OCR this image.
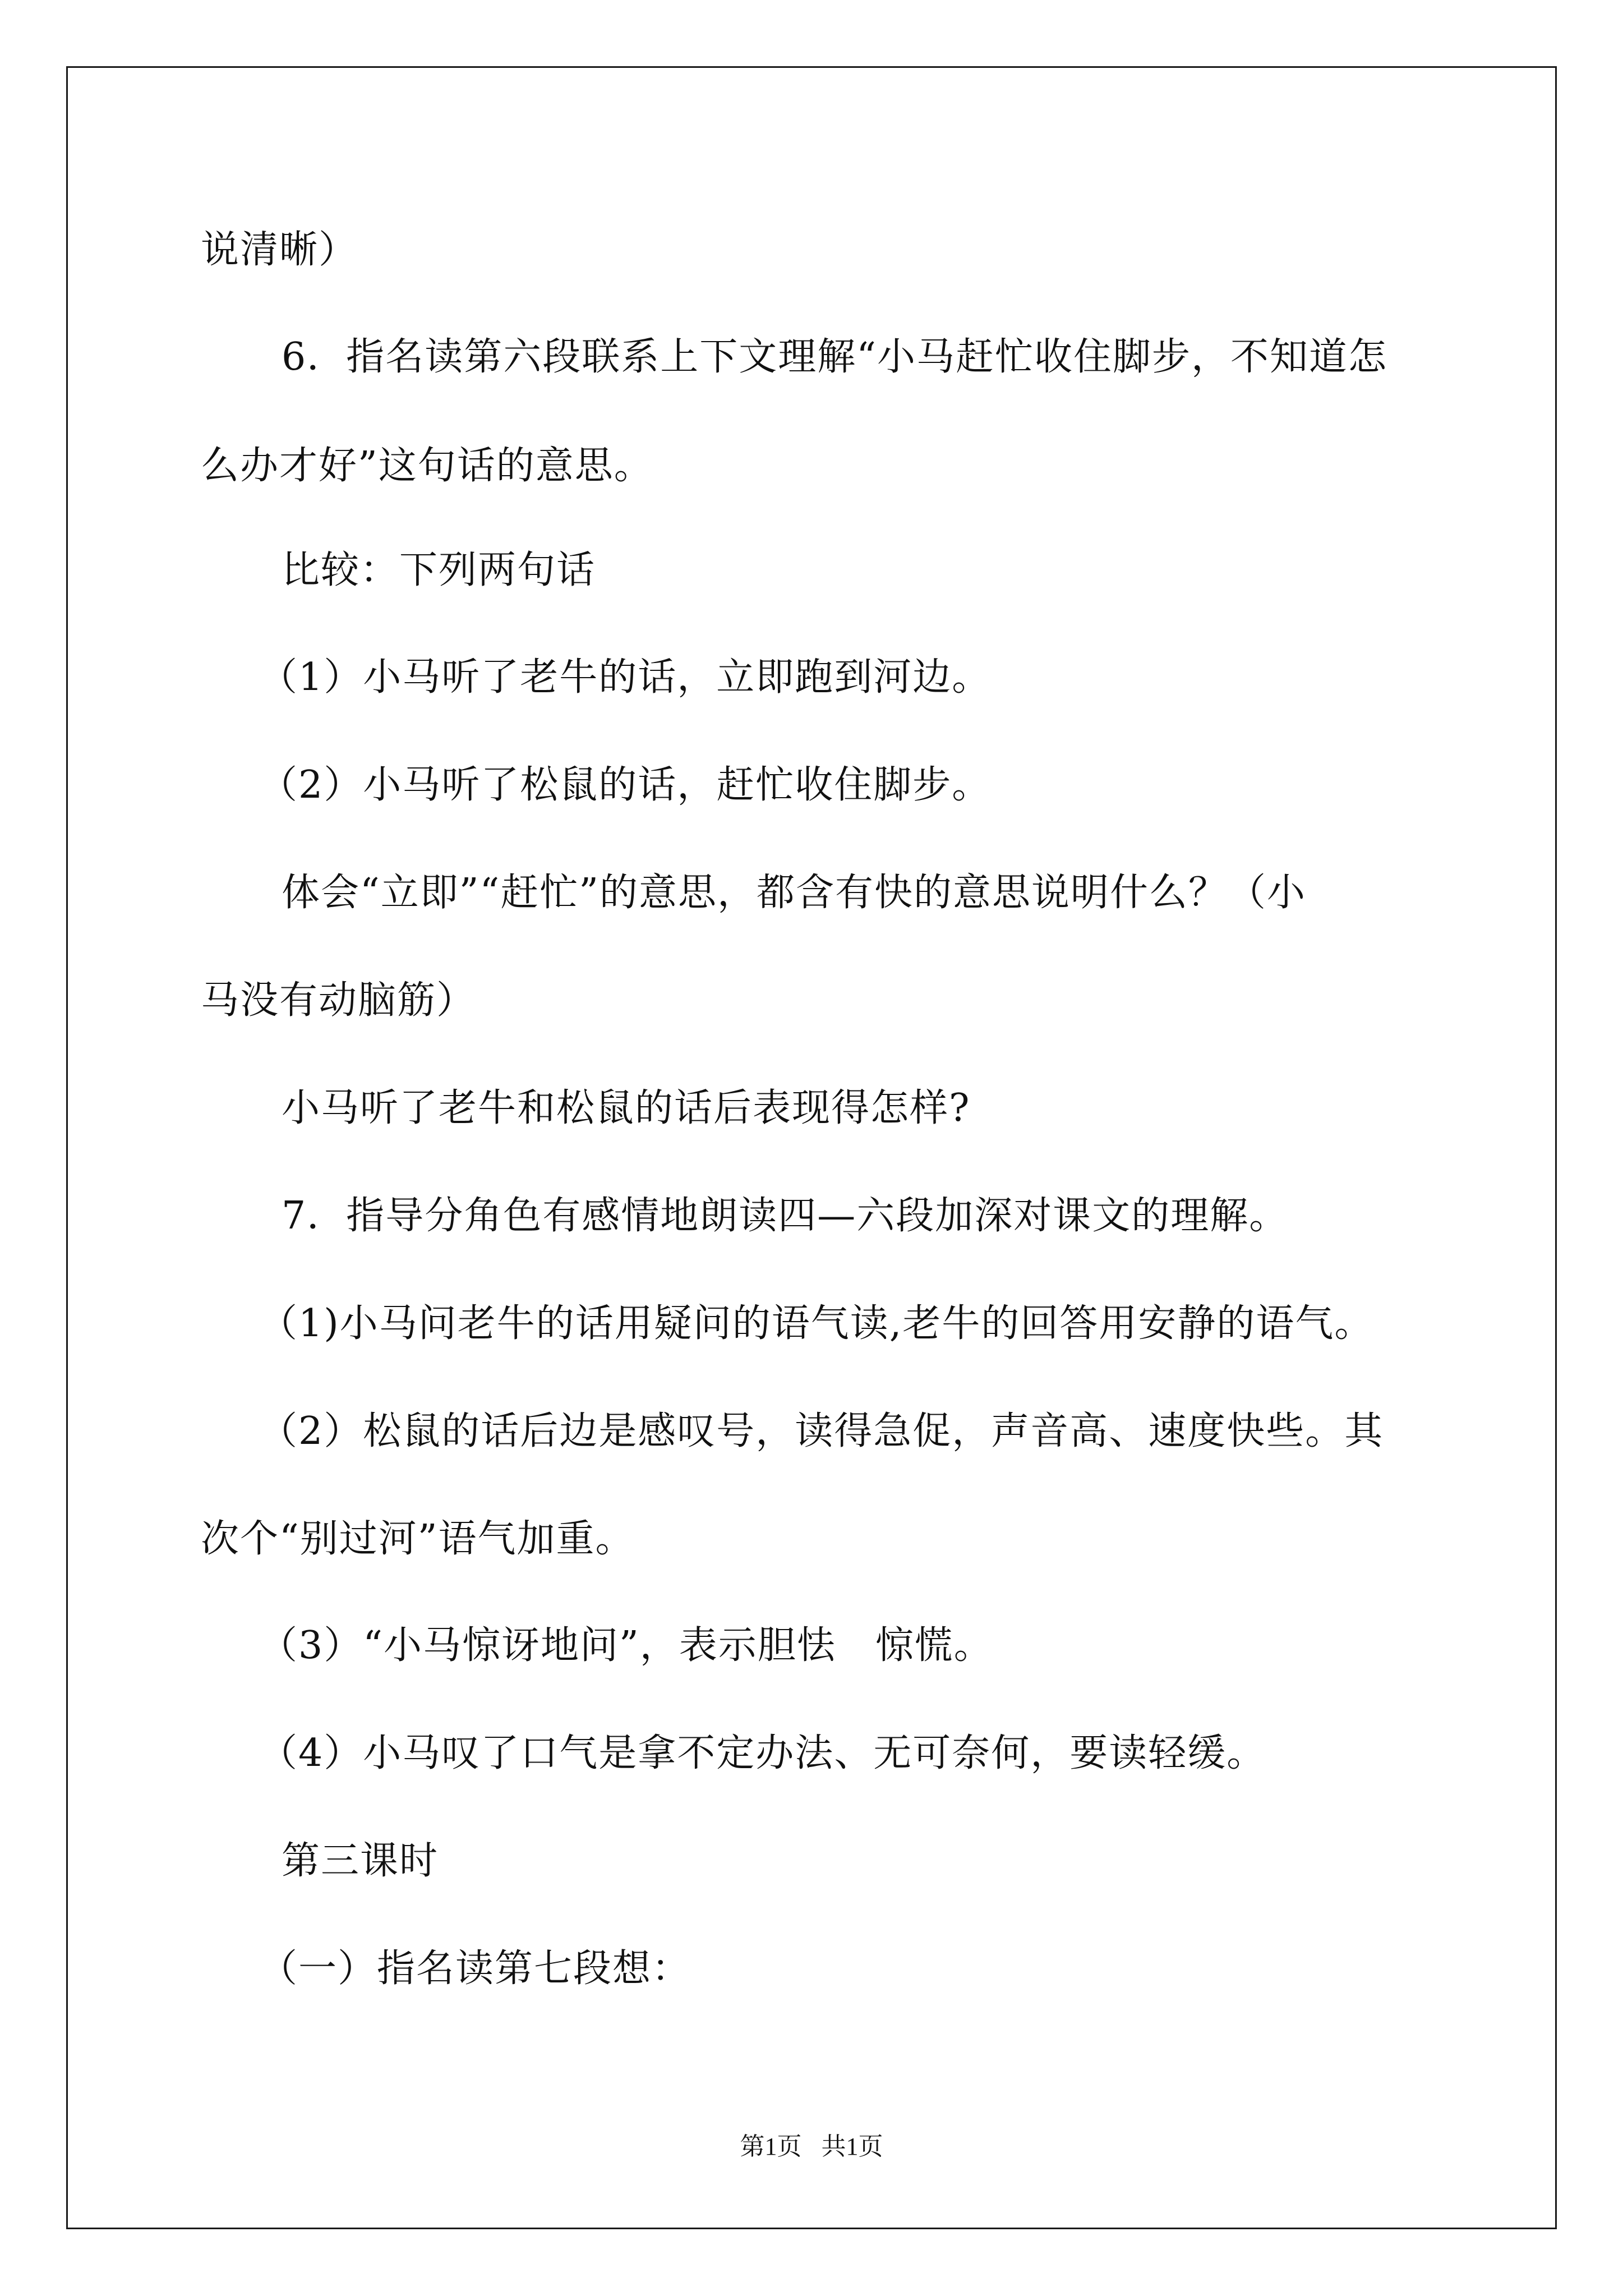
说清晰）
6．指名读第六段联系上下文理解“小马赶忙收住脚步，不知道怎
么办才好”这句话的意思。
比较：下列两句话
（1）小马听了老牛的话，立即跑到河边。
（2）小马听了松鼠的话，赶忙收住脚步。
体会“立即”“赶忙”的意思，都含有快的意思说明什么？（小
马没有动脑筋）
小马听了老牛和松鼠的话后表现得怎样?
7．指导分角色有感情地朗读四—六段加深对课文的理解。
（1)小马问老牛的话用疑问的语气读,老牛的回答用安静的语气。
（2）松鼠的话后边是感叹号，读得急促，声音高、速度快些。其
次个“别过河”语气加重。
（3）“小马惊讶地问”，表示胆怯　惊慌。
（4）小马叹了口气是拿不定办法、无可奈何，要读轻缓。
第三课时
（一）指名读第七段想：
第1页 共1页
